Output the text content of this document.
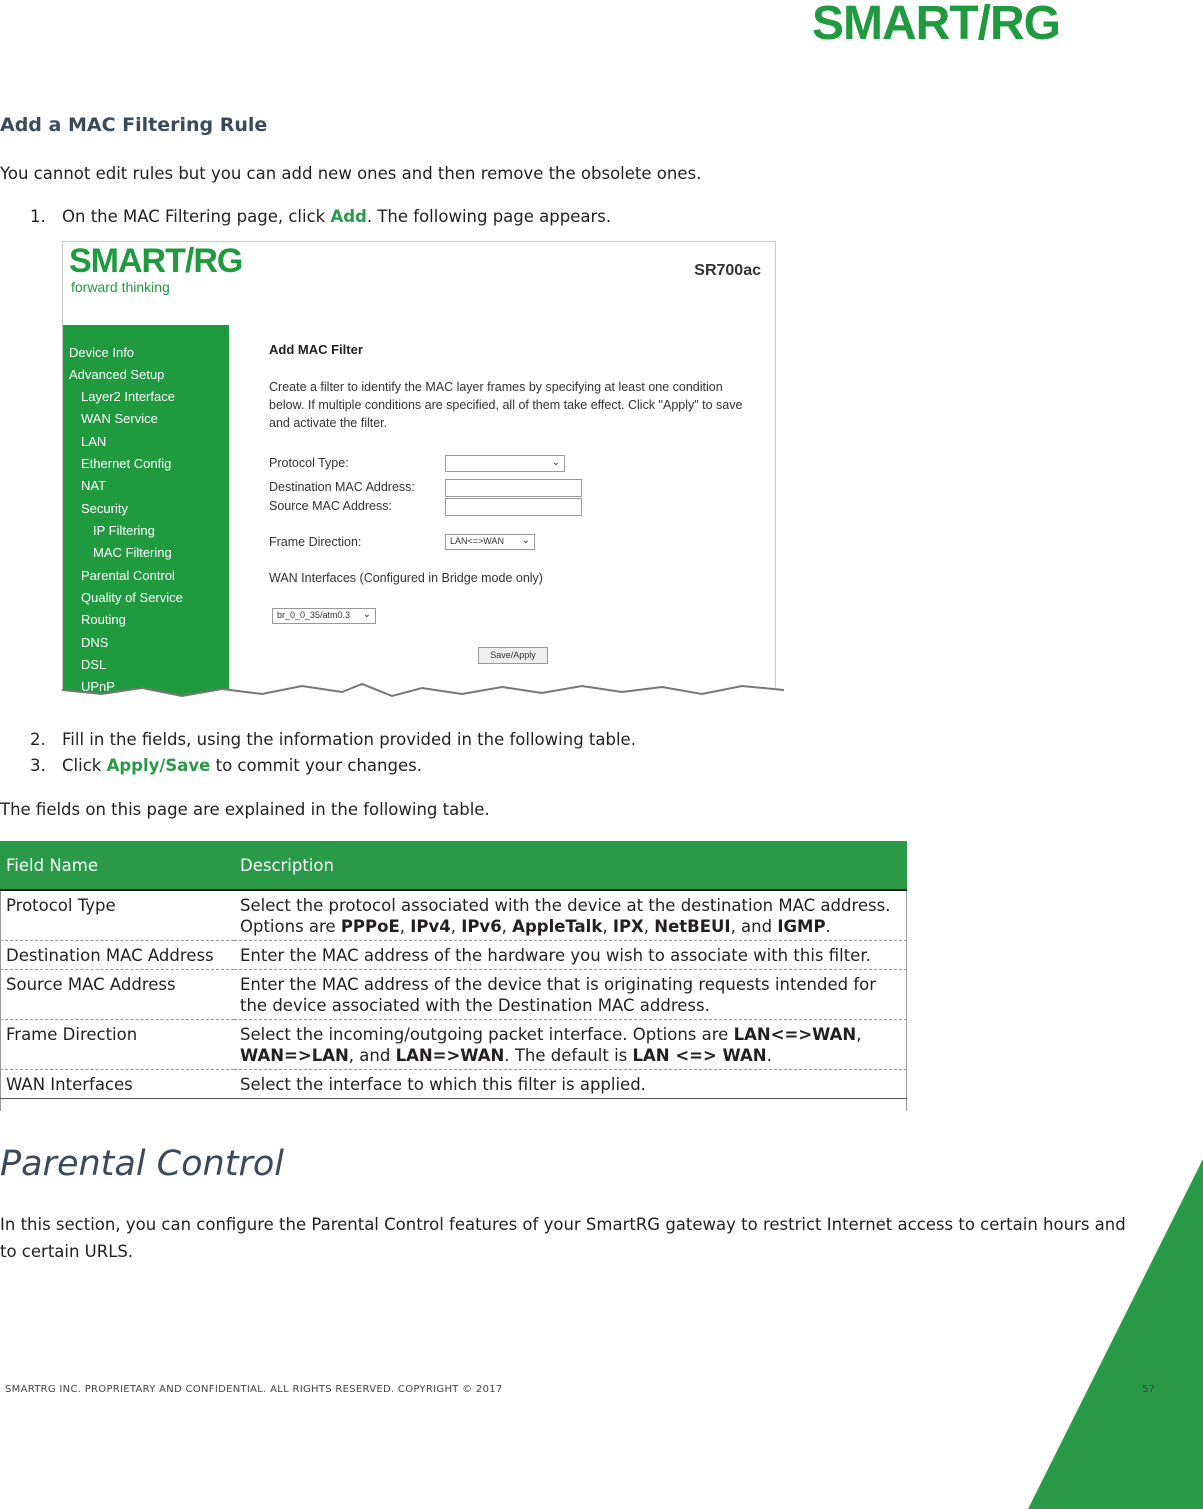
SMART/RG
Add a MAC Filtering Rule

You cannot edit rules but you can add new ones and then remove the obsolete ones.

1. On the MAC Filtering page, click Add. The following page appears.
SMART/RG
forward thinking
SR700ac
Device Info
Advanced Setup
Layer2 Interface
WAN Service
LAN
Ethernet Config
NAT
Security
IP Filtering
MAC Filtering
Parental Control
Quality of Service
Routing
DNS
DSL
UPnP
Add MAC Filter
Create a filter to identify the MAC layer frames by specifying at least one condition below. If multiple conditions are specified, all of them take effect. Click "Apply" to save and activate the filter.
Protocol Type:	⌄
Destination MAC Address:
Source MAC Address:
Frame Direction:	LAN<=>WAN ⌄
WAN Interfaces (Configured in Bridge mode only)
br_0_0_35/atm0.3 ⌄
Save/Apply
2. Fill in the fields, using the information provided in the following table.
3. Click Apply/Save to commit your changes.

The fields on this page are explained in the following table.

Field Name	Description
Protocol Type	Select the protocol associated with the device at the destination MAC address. Options are PPPoE, IPv4, IPv6, AppleTalk, IPX, NetBEUI, and IGMP.
Destination MAC Address	Enter the MAC address of the hardware you wish to associate with this filter.
Source MAC Address	Enter the MAC address of the device that is originating requests intended for the device associated with the Destination MAC address.
Frame Direction	Select the incoming/outgoing packet interface. Options are LAN<=>WAN, WAN=>LAN, and LAN=>WAN. The default is LAN <=> WAN.
WAN Interfaces	Select the interface to which this filter is applied.
Parental Control

In this section, you can configure the Parental Control features of your SmartRG gateway to restrict Internet access to certain hours and to certain URLS.

SMARTRG INC. PROPRIETARY AND CONFIDENTIAL. ALL RIGHTS RESERVED. COPYRIGHT © 2017	57
